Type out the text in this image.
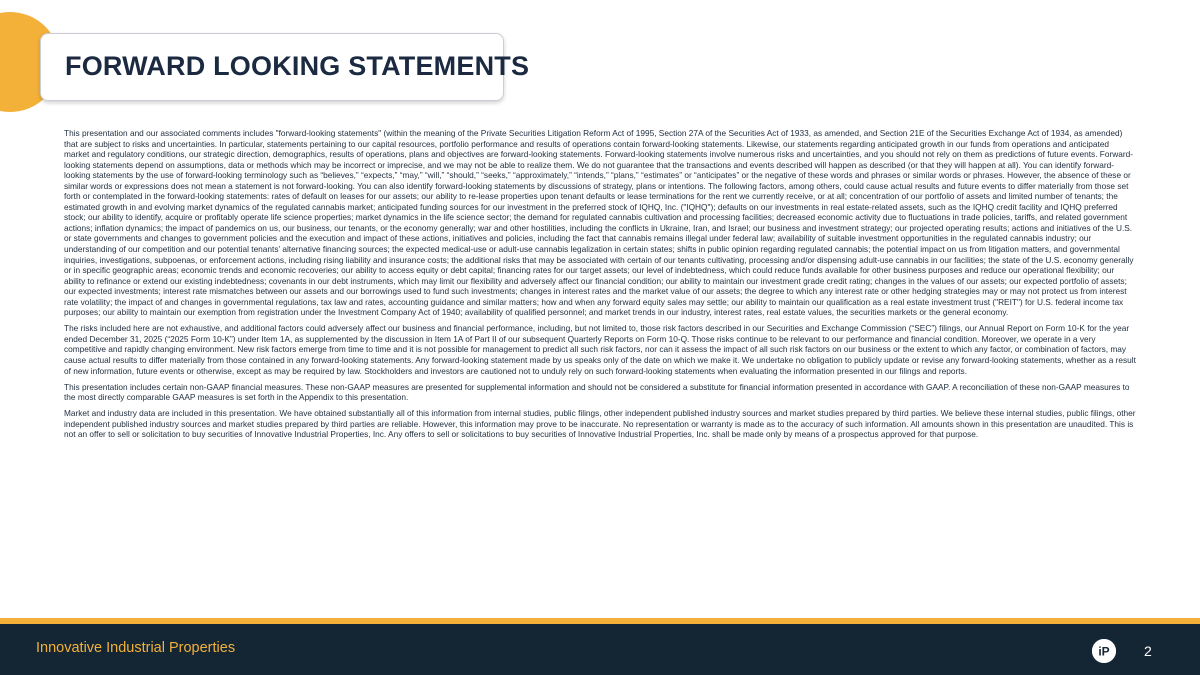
FORWARD LOOKING STATEMENTS

This presentation and our associated comments includes "forward-looking statements" (within the meaning of the Private Securities Litigation Reform Act of 1995, Section 27A of the Securities Act of 1933, as amended, and Section 21E of the Securities Exchange Act of 1934, as amended) that are subject to risks and uncertainties. In particular, statements pertaining to our capital resources, portfolio performance and results of operations contain forward-looking statements. Likewise, our statements regarding anticipated growth in our funds from operations and anticipated market and regulatory conditions, our strategic direction, demographics, results of operations, plans and objectives are forward-looking statements. Forward-looking statements involve numerous risks and uncertainties, and you should not rely on them as predictions of future events. Forward-looking statements depend on assumptions, data or methods which may be incorrect or imprecise, and we may not be able to realize them. We do not guarantee that the transactions and events described will happen as described (or that they will happen at all). You can identify forward-looking statements by the use of forward-looking terminology such as “believes,” “expects,” “may,” “will,” “should,” “seeks,” “approximately,” “intends,” “plans,” “estimates” or “anticipates” or the negative of these words and phrases or similar words or phrases. However, the absence of these or similar words or expressions does not mean a statement is not forward-looking. You can also identify forward-looking statements by discussions of strategy, plans or intentions. The following factors, among others, could cause actual results and future events to differ materially from those set forth or contemplated in the forward-looking statements: rates of default on leases for our assets; our ability to re-lease properties upon tenant defaults or lease terminations for the rent we currently receive, or at all; concentration of our portfolio of assets and limited number of tenants; the estimated growth in and evolving market dynamics of the regulated cannabis market; anticipated funding sources for our investment in the preferred stock of IQHQ, Inc. ("IQHQ"); defaults on our investments in real estate-related assets, such as the IQHQ credit facility and IQHQ preferred stock; our ability to identify, acquire or profitably operate life science properties; market dynamics in the life science sector; the demand for regulated cannabis cultivation and processing facilities; decreased economic activity due to fluctuations in trade policies, tariffs, and related government actions; inflation dynamics; the impact of pandemics on us, our business, our tenants, or the economy generally; war and other hostilities, including the conflicts in Ukraine, Iran, and Israel; our business and investment strategy; our projected operating results; actions and initiatives of the U.S. or state governments and changes to government policies and the execution and impact of these actions, initiatives and policies, including the fact that cannabis remains illegal under federal law; availability of suitable investment opportunities in the regulated cannabis industry; our understanding of our competition and our potential tenants’ alternative financing sources; the expected medical-use or adult-use cannabis legalization in certain states; shifts in public opinion regarding regulated cannabis; the potential impact on us from litigation matters, and governmental inquiries, investigations, subpoenas, or enforcement actions, including rising liability and insurance costs; the additional risks that may be associated with certain of our tenants cultivating, processing and/or dispensing adult-use cannabis in our facilities; the state of the U.S. economy generally or in specific geographic areas; economic trends and economic recoveries; our ability to access equity or debt capital; financing rates for our target assets; our level of indebtedness, which could reduce funds available for other business purposes and reduce our operational flexibility; our ability to refinance or extend our existing indebtedness; covenants in our debt instruments, which may limit our flexibility and adversely affect our financial condition; our ability to maintain our investment grade credit rating; changes in the values of our assets; our expected portfolio of assets; our expected investments; interest rate mismatches between our assets and our borrowings used to fund such investments; changes in interest rates and the market value of our assets; the degree to which any interest rate or other hedging strategies may or may not protect us from interest rate volatility; the impact of and changes in governmental regulations, tax law and rates, accounting guidance and similar matters; how and when any forward equity sales may settle; our ability to maintain our qualification as a real estate investment trust ("REIT") for U.S. federal income tax purposes; our ability to maintain our exemption from registration under the Investment Company Act of 1940; availability of qualified personnel; and market trends in our industry, interest rates, real estate values, the securities markets or the general economy.

The risks included here are not exhaustive, and additional factors could adversely affect our business and financial performance, including, but not limited to, those risk factors described in our Securities and Exchange Commission (“SEC”) filings, our Annual Report on Form 10-K for the year ended December 31, 2025 (“2025 Form 10-K”) under Item 1A, as supplemented by the discussion in Item 1A of Part II of our subsequent Quarterly Reports on Form 10-Q. Those risks continue to be relevant to our performance and financial condition. Moreover, we operate in a very competitive and rapidly changing environment. New risk factors emerge from time to time and it is not possible for management to predict all such risk factors, nor can it assess the impact of all such risk factors on our business or the extent to which any factor, or combination of factors, may cause actual results to differ materially from those contained in any forward-looking statements. Any forward-looking statement made by us speaks only of the date on which we make it. We undertake no obligation to publicly update or revise any forward-looking statements, whether as a result of new information, future events or otherwise, except as may be required by law. Stockholders and investors are cautioned not to unduly rely on such forward-looking statements when evaluating the information presented in our filings and reports.

This presentation includes certain non-GAAP financial measures. These non-GAAP measures are presented for supplemental information and should not be considered a substitute for financial information presented in accordance with GAAP. A reconciliation of these non-GAAP measures to the most directly comparable GAAP measures is set forth in the Appendix to this presentation.

Market and industry data are included in this presentation. We have obtained substantially all of this information from internal studies, public filings, other independent published industry sources and market studies prepared by third parties. We believe these internal studies, public filings, other independent published industry sources and market studies prepared by third parties are reliable. However, this information may prove to be inaccurate. No representation or warranty is made as to the accuracy of such information. All amounts shown in this presentation are unaudited. This is not an offer to sell or solicitation to buy securities of Innovative Industrial Properties, Inc. Any offers to sell or solicitations to buy securities of Innovative Industrial Properties, Inc. shall be made only by means of a prospectus approved for that purpose.

Innovative Industrial Properties	iP 2
